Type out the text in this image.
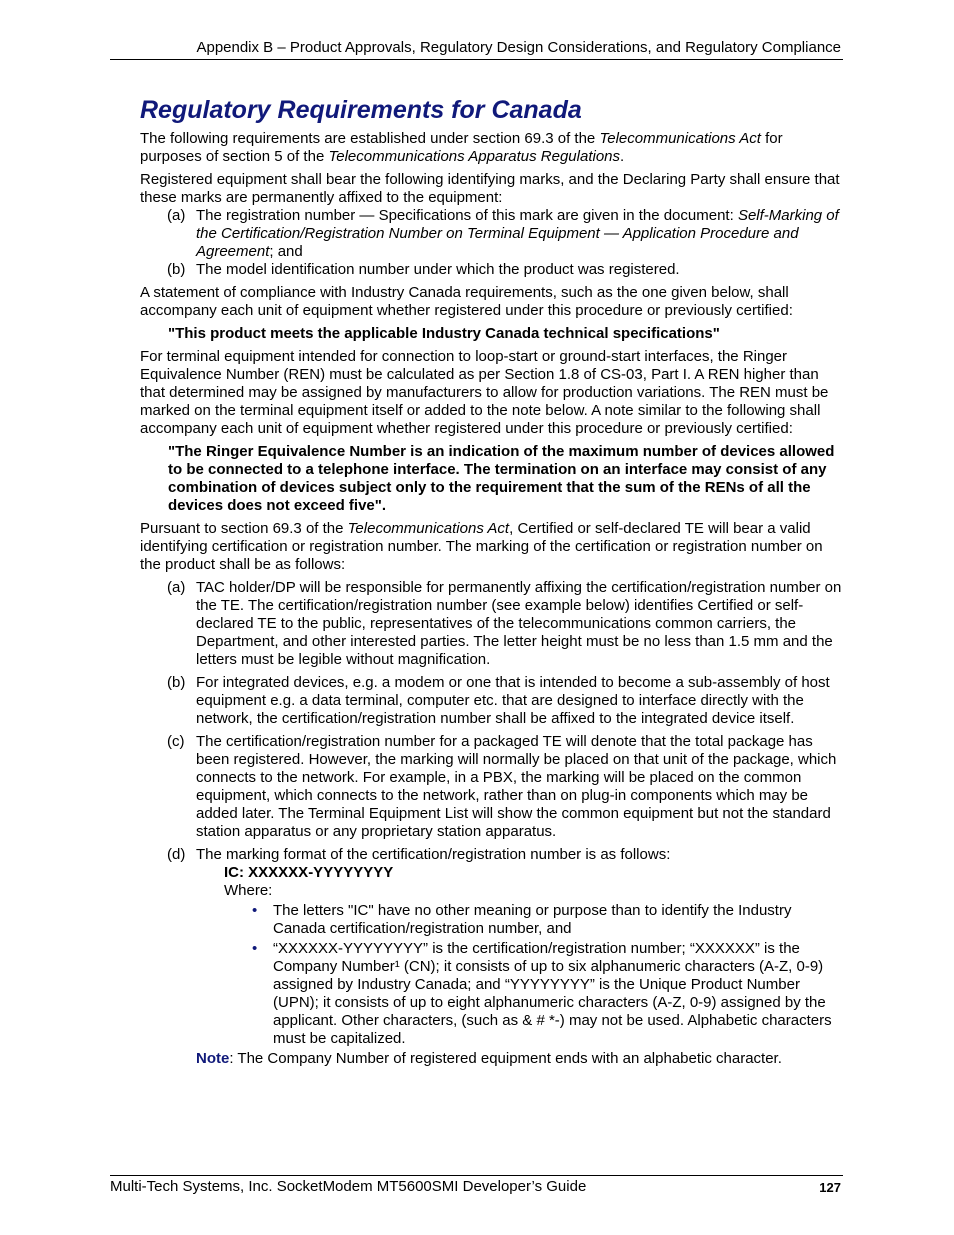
Appendix B – Product Approvals, Regulatory Design Considerations, and Regulatory Compliance
Regulatory Requirements for Canada

The following requirements are established under section 69.3 of the Telecommunications Act for purposes of section 5 of the Telecommunications Apparatus Regulations.

Registered equipment shall bear the following identifying marks, and the Declaring Party shall ensure that these marks are permanently affixed to the equipment:

(a) The registration number — Specifications of this mark are given in the document: Self-Marking of the Certification/Registration Number on Terminal Equipment — Application Procedure and Agreement; and
(b) The model identification number under which the product was registered.

A statement of compliance with Industry Canada requirements, such as the one given below, shall accompany each unit of equipment whether registered under this procedure or previously certified:

"This product meets the applicable Industry Canada technical specifications"

For terminal equipment intended for connection to loop-start or ground-start interfaces, the Ringer Equivalence Number (REN) must be calculated as per Section 1.8 of CS-03, Part I. A REN higher than that determined may be assigned by manufacturers to allow for production variations. The REN must be marked on the terminal equipment itself or added to the note below. A note similar to the following shall accompany each unit of equipment whether registered under this procedure or previously certified:

"The Ringer Equivalence Number is an indication of the maximum number of devices allowed to be connected to a telephone interface. The termination on an interface may consist of any combination of devices subject only to the requirement that the sum of the RENs of all the devices does not exceed five".

Pursuant to section 69.3 of the Telecommunications Act, Certified or self-declared TE will bear a valid identifying certification or registration number. The marking of the certification or registration number on the product shall be as follows:

(a) TAC holder/DP will be responsible for permanently affixing the certification/registration number on the TE. The certification/registration number (see example below) identifies Certified or self-declared TE to the public, representatives of the telecommunications common carriers, the Department, and other interested parties. The letter height must be no less than 1.5 mm and the letters must be legible without magnification.
(b) For integrated devices, e.g. a modem or one that is intended to become a sub-assembly of host equipment e.g. a data terminal, computer etc. that are designed to interface directly with the network, the certification/registration number shall be affixed to the integrated device itself.
(c) The certification/registration number for a packaged TE will denote that the total package has been registered. However, the marking will normally be placed on that unit of the package, which connects to the network. For example, in a PBX, the marking will be placed on the common equipment, which connects to the network, rather than on plug-in components which may be added later. The Terminal Equipment List will show the common equipment but not the standard station apparatus or any proprietary station apparatus.
(d) The marking format of the certification/registration number is as follows:
IC: XXXXXX-YYYYYYYY
Where:
• The letters "IC" have no other meaning or purpose than to identify the Industry Canada certification/registration number, and
• “XXXXXX-YYYYYYYY” is the certification/registration number; “XXXXXX” is the Company Number¹ (CN); it consists of up to six alphanumeric characters (A-Z, 0-9) assigned by Industry Canada; and “YYYYYYYY” is the Unique Product Number (UPN); it consists of up to eight alphanumeric characters (A-Z, 0-9) assigned by the applicant. Other characters, (such as & # *-) may not be used. Alphabetic characters must be capitalized.
Note: The Company Number of registered equipment ends with an alphabetic character.
Multi-Tech Systems, Inc. SocketModem MT5600SMI Developer’s Guide	127
